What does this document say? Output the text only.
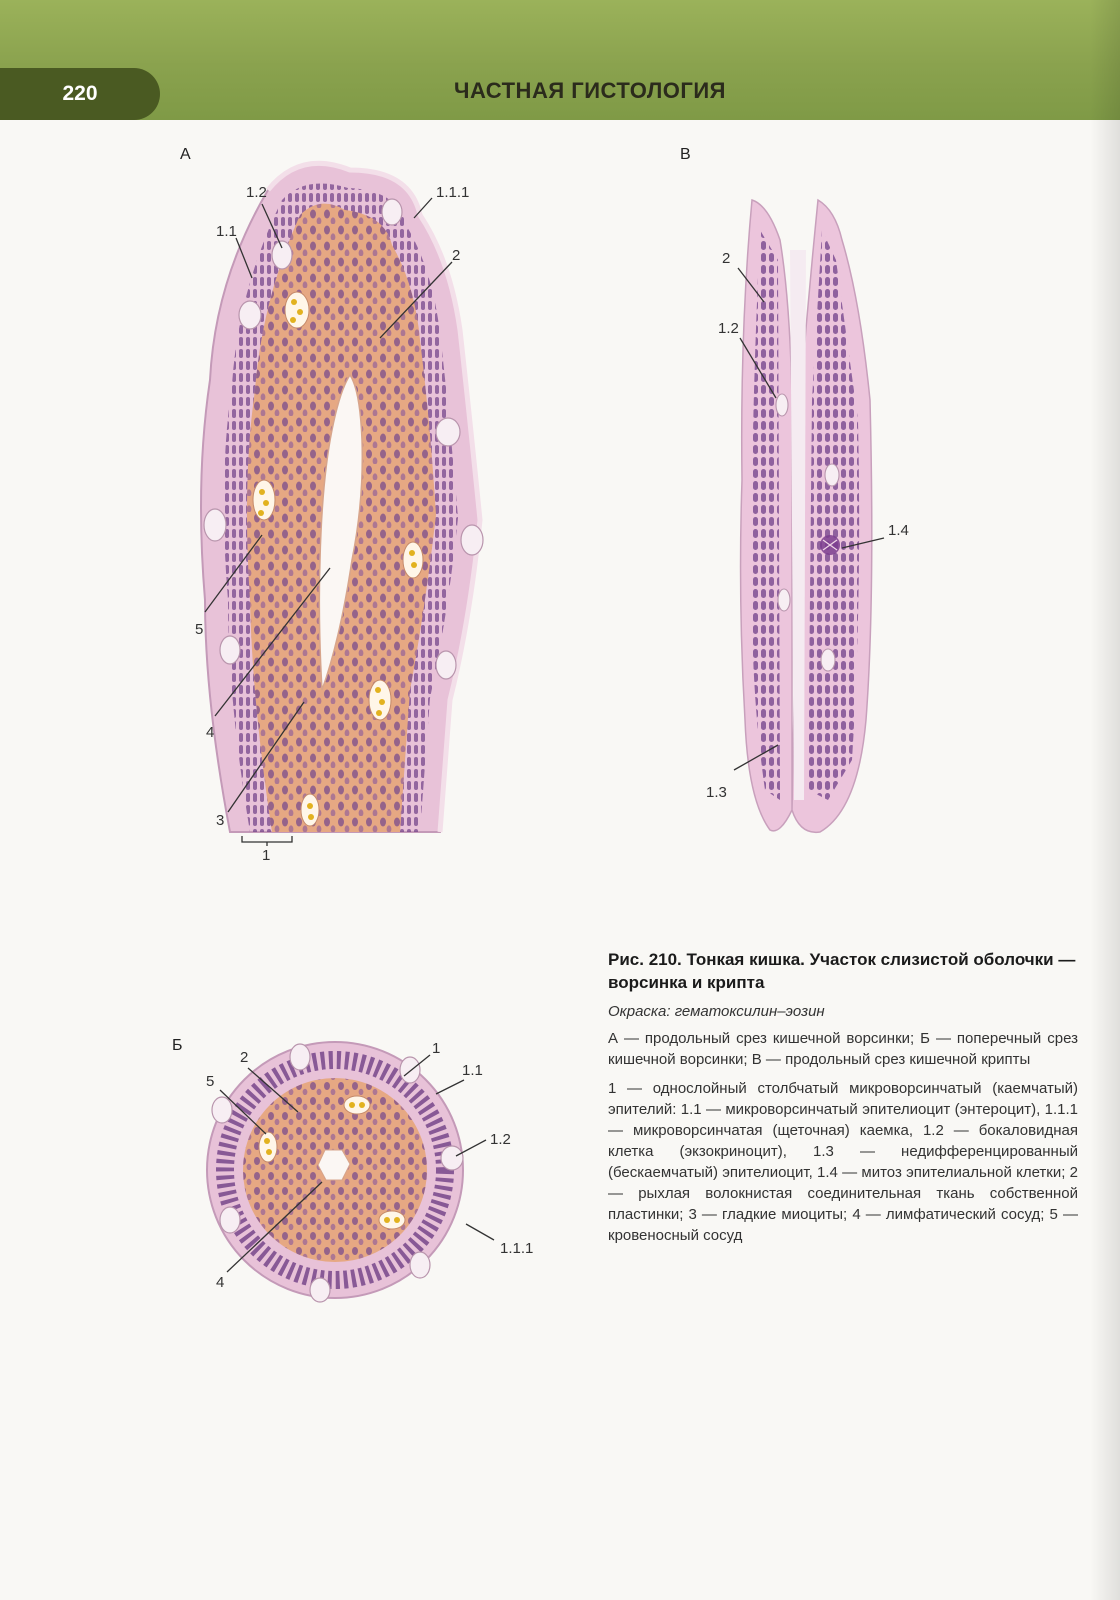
220	ЧАСТНАЯ ГИСТОЛОГИЯ
А
1.2	1.1.1
1.1
2
5
4
3
1
В
2
1.2
1.4
1.3
Б
2
1
1.1
5
1.2
4
1.1.1

Рис. 210. Тонкая кишка. Участок слизистой оболочки — ворсинка и крипта

Окраска: гематоксилин–эозин

А — продольный срез кишечной ворсинки; Б — поперечный срез кишечной ворсинки; В — продольный срез кишечной крипты

1 — однослойный столбчатый микроворсинчатый (каемчатый) эпителий: 1.1 — микроворсинчатый эпителиоцит (энтероцит), 1.1.1 — микроворсинчатая (щеточная) каемка, 1.2 — бокаловидная клетка (экзокриноцит), 1.3 — недифференцированный (бескаемчатый) эпителиоцит, 1.4 — митоз эпителиальной клетки; 2 — рыхлая волокнистая соединительная ткань собственной пластинки; 3 — гладкие миоциты; 4 — лимфатический сосуд; 5 — кровеносный сосуд
